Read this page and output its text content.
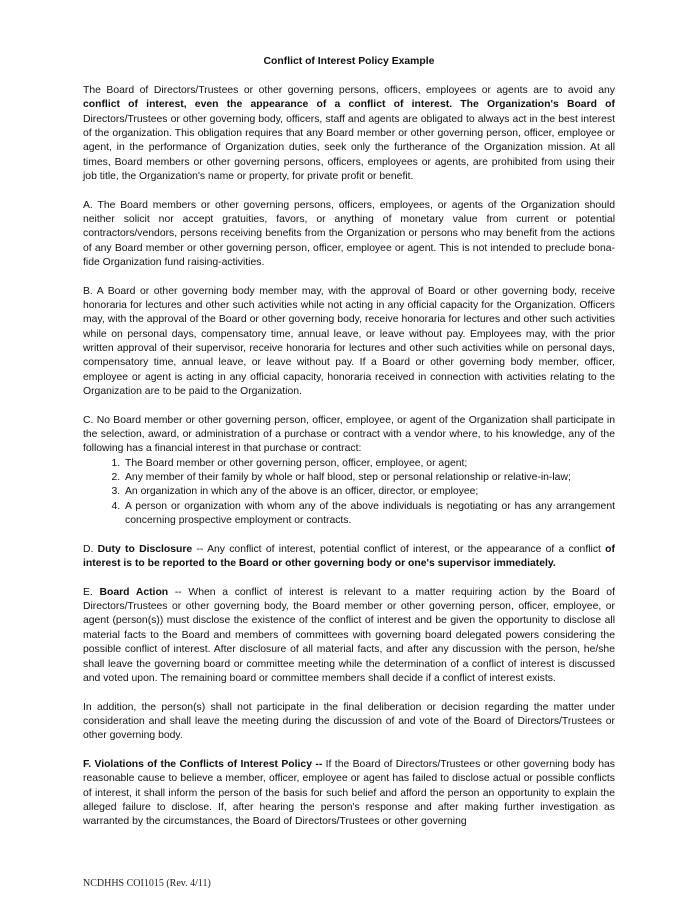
Conflict of Interest Policy Example

The Board of Directors/Trustees or other governing persons, officers, employees or agents are to avoid any conflict of interest, even the appearance of a conflict of interest. The Organization's Board of Directors/Trustees or other governing body, officers, staff and agents are obligated to always act in the best interest of the organization. This obligation requires that any Board member or other governing person, officer, employee or agent, in the performance of Organization duties, seek only the furtherance of the Organization mission. At all times, Board members or other governing persons, officers, employees or agents, are prohibited from using their job title, the Organization's name or property, for private profit or benefit.

A. The Board members or other governing persons, officers, employees, or agents of the Organization should neither solicit nor accept gratuities, favors, or anything of monetary value from current or potential contractors/vendors, persons receiving benefits from the Organization or persons who may benefit from the actions of any Board member or other governing person, officer, employee or agent. This is not intended to preclude bona-fide Organization fund raising-activities.

B. A Board or other governing body member may, with the approval of Board or other governing body, receive honoraria for lectures and other such activities while not acting in any official capacity for the Organization. Officers may, with the approval of the Board or other governing body, receive honoraria for lectures and other such activities while on personal days, compensatory time, annual leave, or leave without pay. Employees may, with the prior written approval of their supervisor, receive honoraria for lectures and other such activities while on personal days, compensatory time, annual leave, or leave without pay. If a Board or other governing body member, officer, employee or agent is acting in any official capacity, honoraria received in connection with activities relating to the Organization are to be paid to the Organization.

C. No Board member or other governing person, officer, employee, or agent of the Organization shall participate in the selection, award, or administration of a purchase or contract with a vendor where, to his knowledge, any of the following has a financial interest in that purchase or contract:

1. The Board member or other governing person, officer, employee, or agent;
2. Any member of their family by whole or half blood, step or personal relationship or relative-in-law;
3. An organization in which any of the above is an officer, director, or employee;
4. A person or organization with whom any of the above individuals is negotiating or has any arrangement concerning prospective employment or contracts.

D. Duty to Disclosure -- Any conflict of interest, potential conflict of interest, or the appearance of a conflict of interest is to be reported to the Board or other governing body or one's supervisor immediately.

E. Board Action -- When a conflict of interest is relevant to a matter requiring action by the Board of Directors/Trustees or other governing body, the Board member or other governing person, officer, employee, or agent (person(s)) must disclose the existence of the conflict of interest and be given the opportunity to disclose all material facts to the Board and members of committees with governing board delegated powers considering the possible conflict of interest. After disclosure of all material facts, and after any discussion with the person, he/she shall leave the governing board or committee meeting while the determination of a conflict of interest is discussed and voted upon. The remaining board or committee members shall decide if a conflict of interest exists.

In addition, the person(s) shall not participate in the final deliberation or decision regarding the matter under consideration and shall leave the meeting during the discussion of and vote of the Board of Directors/Trustees or other governing body.

F. Violations of the Conflicts of Interest Policy -- If the Board of Directors/Trustees or other governing body has reasonable cause to believe a member, officer, employee or agent has failed to disclose actual or possible conflicts of interest, it shall inform the person of the basis for such belief and afford the person an opportunity to explain the alleged failure to disclose. If, after hearing the person's response and after making further investigation as warranted by the circumstances, the Board of Directors/Trustees or other governing

NCDHHS COI1015 (Rev. 4/11)
